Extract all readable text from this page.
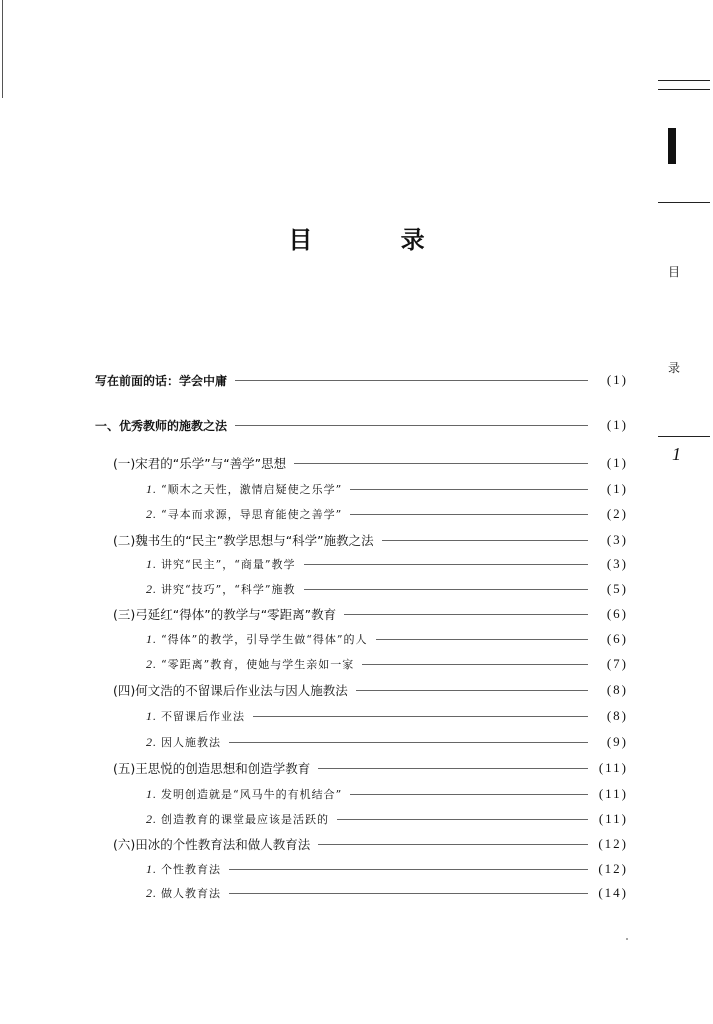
目
录
1
目 录
写在前面的话：学会中庸	(1)
一、优秀教师的施教之法	(1)
(一)宋君的“乐学”与“善学”思想	(1)
1. “顺木之天性，激情启疑使之乐学”	(1)
2. “寻本而求源，导思育能使之善学”	(2)
(二)魏书生的“民主”教学思想与“科学”施教之法	(3)
1. 讲究“民主”，“商量”教学	(3)
2. 讲究“技巧”，“科学”施教	(5)
(三)弓延红“得体”的教学与“零距离”教育	(6)
1. “得体”的教学，引导学生做“得体”的人	(6)
2. “零距离”教育，使她与学生亲如一家	(7)
(四)何文浩的不留课后作业法与因人施教法	(8)
1. 不留课后作业法	(8)
2. 因人施教法	(9)
(五)王思悦的创造思想和创造学教育	(11)
1. 发明创造就是“风马牛的有机结合”	(11)
2. 创造教育的课堂最应该是活跃的	(11)
(六)田冰的个性教育法和做人教育法	(12)
1. 个性教育法	(12)
2. 做人教育法	(14)
